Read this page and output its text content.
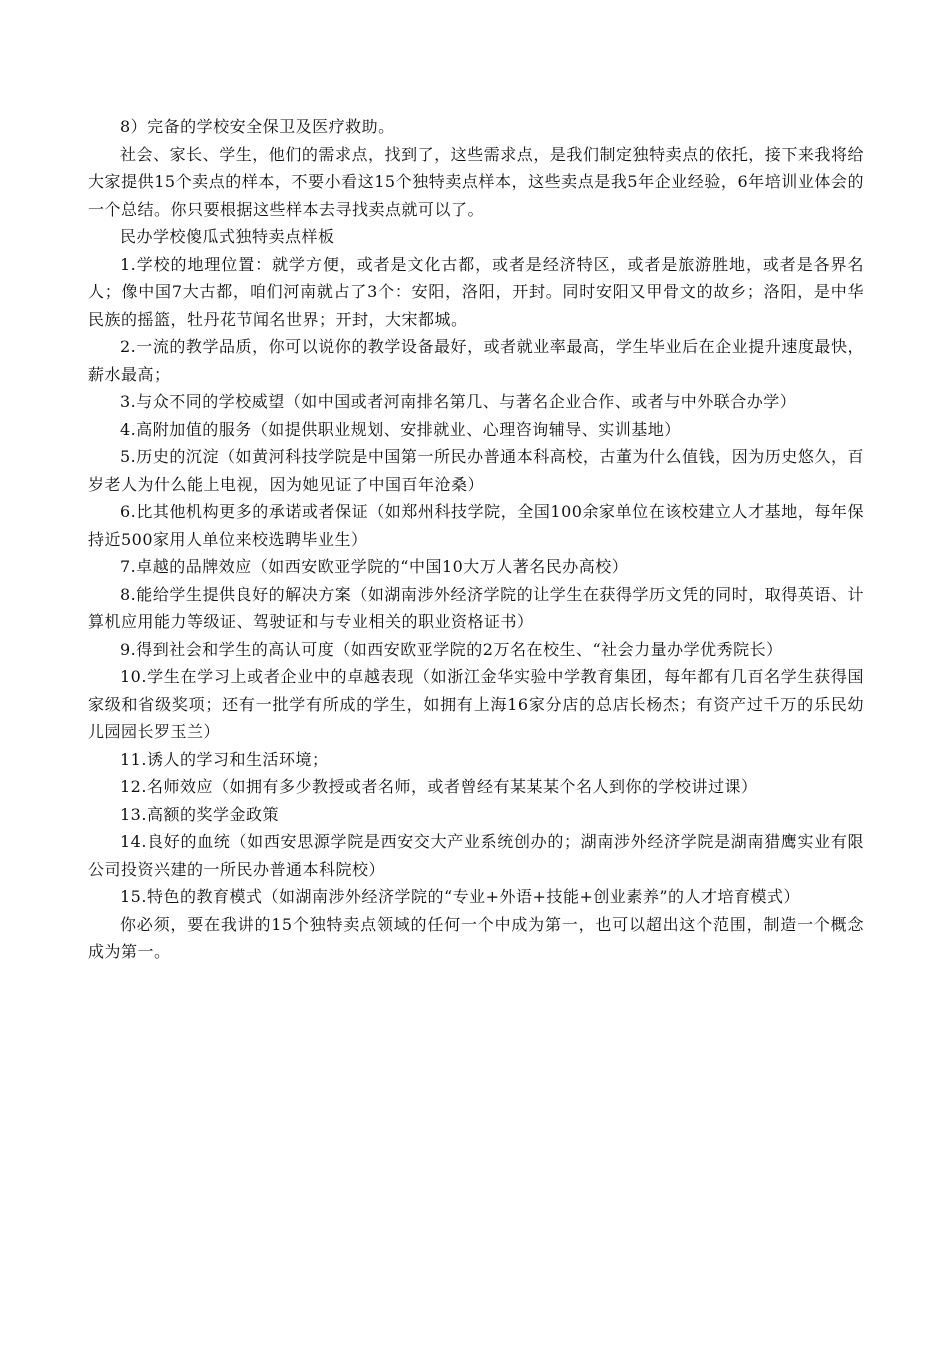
8）完备的学校安全保卫及医疗救助。

社会、家长、学生，他们的需求点，找到了，这些需求点，是我们制定独特卖点的依托，接下来我将给大家提供15个卖点的样本，不要小看这15个独特卖点样本，这些卖点是我5年企业经验，6年培训业体会的一个总结。你只要根据这些样本去寻找卖点就可以了。

民办学校傻瓜式独特卖点样板

1.学校的地理位置：就学方便，或者是文化古都，或者是经济特区，或者是旅游胜地，或者是各界名人；像中国7大古都，咱们河南就占了3个：安阳，洛阳，开封。同时安阳又甲骨文的故乡；洛阳，是中华民族的摇篮，牡丹花节闻名世界；开封，大宋都城。

2.一流的教学品质，你可以说你的教学设备最好，或者就业率最高，学生毕业后在企业提升速度最快，薪水最高；

3.与众不同的学校威望（如中国或者河南排名第几、与著名企业合作、或者与中外联合办学）

4.高附加值的服务（如提供职业规划、安排就业、心理咨询辅导、实训基地）

5.历史的沉淀（如黄河科技学院是中国第一所民办普通本科高校，古董为什么值钱，因为历史悠久，百岁老人为什么能上电视，因为她见证了中国百年沧桑）

6.比其他机构更多的承诺或者保证（如郑州科技学院，全国100余家单位在该校建立人才基地，每年保持近500家用人单位来校选聘毕业生）

7.卓越的品牌效应（如西安欧亚学院的“中国10大万人著名民办高校）

8.能给学生提供良好的解决方案（如湖南涉外经济学院的让学生在获得学历文凭的同时，取得英语、计算机应用能力等级证、驾驶证和与专业相关的职业资格证书）

9.得到社会和学生的高认可度（如西安欧亚学院的2万名在校生、“社会力量办学优秀院长）

10.学生在学习上或者企业中的卓越表现（如浙江金华实验中学教育集团，每年都有几百名学生获得国家级和省级奖项；还有一批学有所成的学生，如拥有上海16家分店的总店长杨杰；有资产过千万的乐民幼儿园园长罗玉兰）

11.诱人的学习和生活环境；

12.名师效应（如拥有多少教授或者名师，或者曾经有某某某个名人到你的学校讲过课）

13.高额的奖学金政策

14.良好的血统（如西安思源学院是西安交大产业系统创办的；湖南涉外经济学院是湖南猎鹰实业有限公司投资兴建的一所民办普通本科院校）

15.特色的教育模式（如湖南涉外经济学院的“专业+外语+技能+创业素养”的人才培育模式）

你必须，要在我讲的15个独特卖点领域的任何一个中成为第一，也可以超出这个范围，制造一个概念成为第一。
